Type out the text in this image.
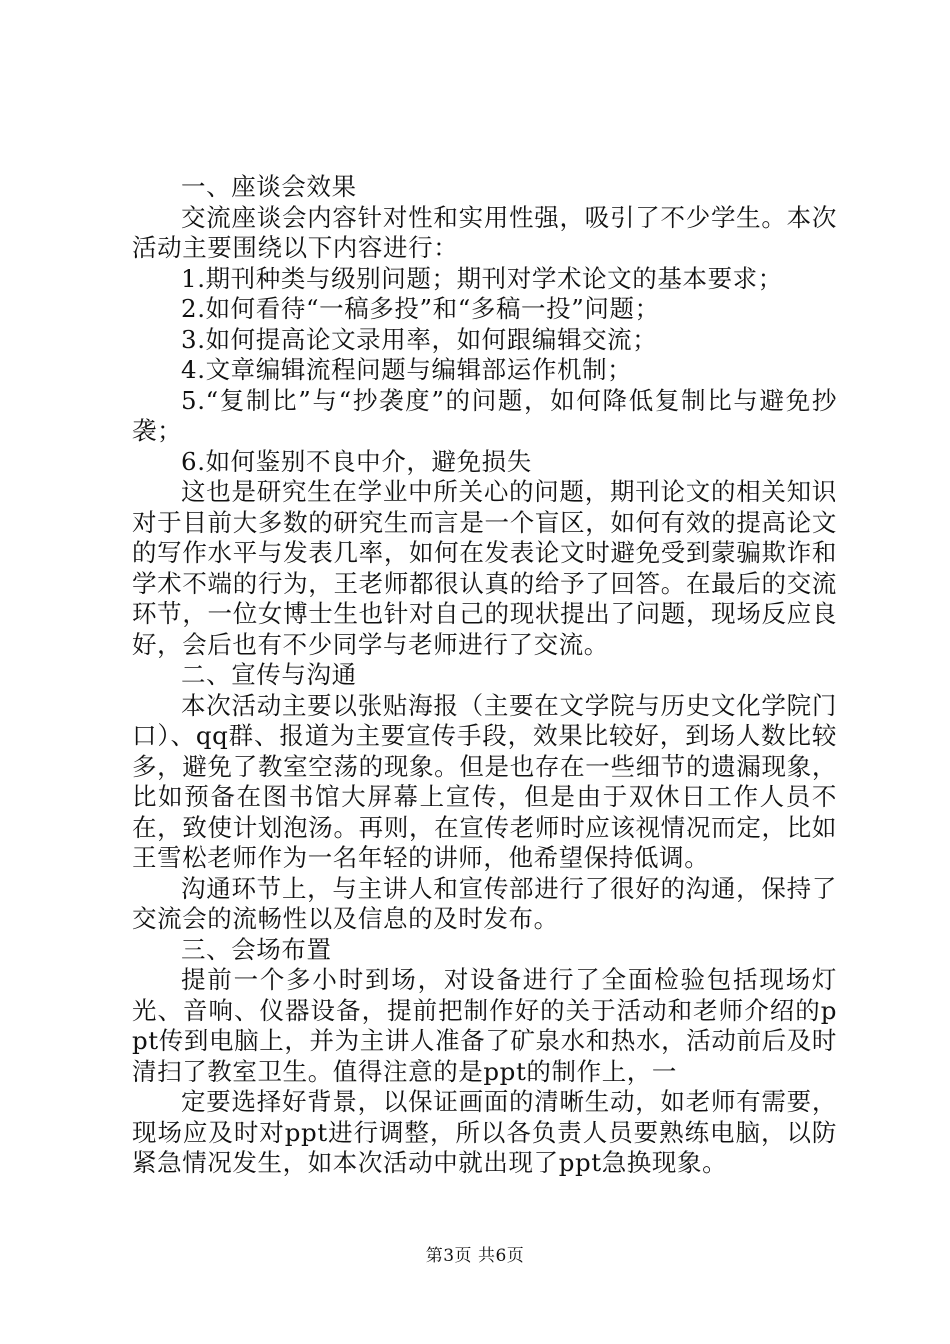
一、座谈会效果

交流座谈会内容针对性和实用性强，吸引了不少学生。本次活动主要围绕以下内容进行：

1.期刊种类与级别问题；期刊对学术论文的基本要求；

2.如何看待“一稿多投”和“多稿一投”问题；

3.如何提高论文录用率，如何跟编辑交流；

4.文章编辑流程问题与编辑部运作机制；

5.“复制比”与“抄袭度”的问题，如何降低复制比与避免抄袭；

6.如何鉴别不良中介，避免损失

这也是研究生在学业中所关心的问题，期刊论文的相关知识对于目前大多数的研究生而言是一个盲区，如何有效的提高论文的写作水平与发表几率，如何在发表论文时避免受到蒙骗欺诈和学术不端的行为，王老师都很认真的给予了回答。在最后的交流环节，一位女博士生也针对自己的现状提出了问题，现场反应良好，会后也有不少同学与老师进行了交流。

二、宣传与沟通

本次活动主要以张贴海报（主要在文学院与历史文化学院门口）、qq群、报道为主要宣传手段，效果比较好，到场人数比较多，避免了教室空荡的现象。但是也存在一些细节的遗漏现象，比如预备在图书馆大屏幕上宣传，但是由于双休日工作人员不在，致使计划泡汤。再则，在宣传老师时应该视情况而定，比如王雪松老师作为一名年轻的讲师，他希望保持低调。

沟通环节上，与主讲人和宣传部进行了很好的沟通，保持了交流会的流畅性以及信息的及时发布。

三、会场布置

提前一个多小时到场，对设备进行了全面检验包括现场灯光、音响、仪器设备，提前把制作好的关于活动和老师介绍的ppt传到电脑上，并为主讲人准备了矿泉水和热水，活动前后及时清扫了教室卫生。值得注意的是ppt的制作上，一

定要选择好背景，以保证画面的清晰生动，如老师有需要，现场应及时对ppt进行调整，所以各负责人员要熟练电脑，以防紧急情况发生，如本次活动中就出现了ppt急换现象。

第3页 共6页
